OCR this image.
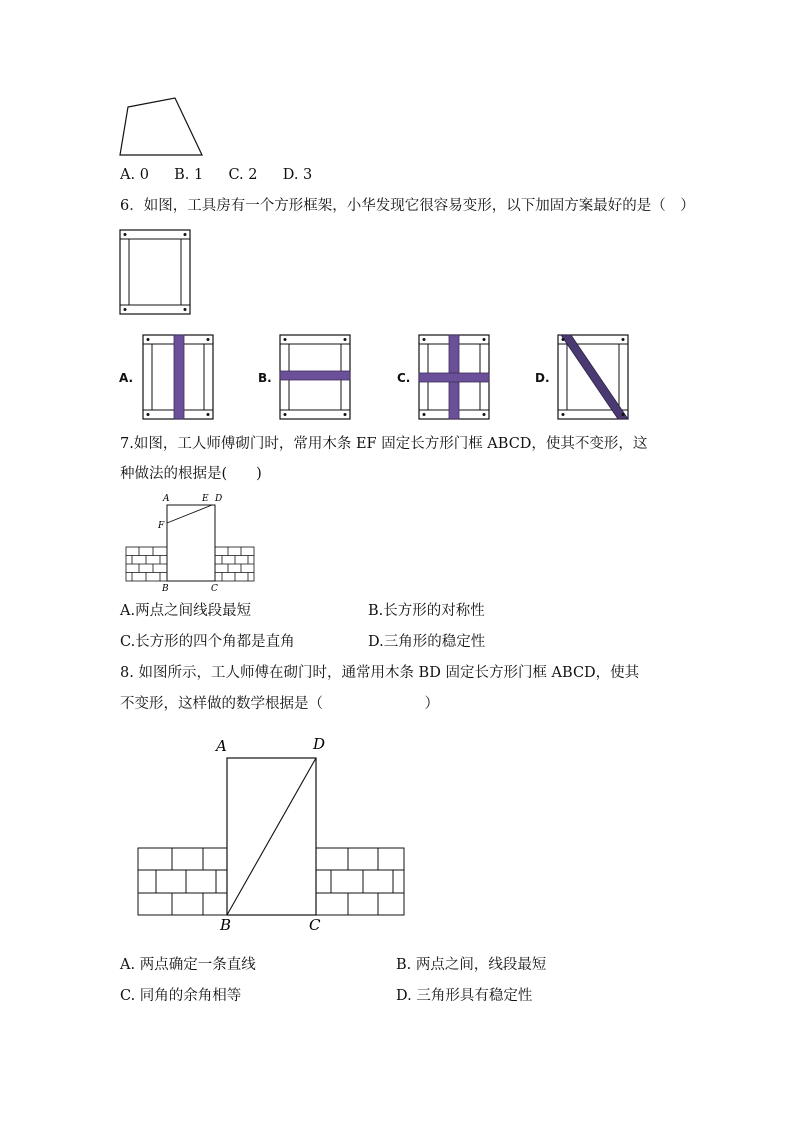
A. 0 B. 1 C. 2 D. 3
6．如图，工具房有一个方形框架，小华发现它很容易变形，以下加固方案最好的是（　）
A.	B.	C.	D.
7.如图，工人师傅砌门时，常用木条 EF 固定长方形门框 ABCD，使其不变形，这
种做法的根据是(　　)
A	E D
F
B	C
A.两点之间线段最短	B.长方形的对称性
C.长方形的四个角都是直角	D.三角形的稳定性
8. 如图所示，工人师傅在砌门时，通常用木条 BD 固定长方形门框 ABCD，使其
不变形，这样做的数学根据是（　　　　　　　）
A	D
B	C
A. 两点确定一条直线	B. 两点之间，线段最短
C. 同角的余角相等	D. 三角形具有稳定性
